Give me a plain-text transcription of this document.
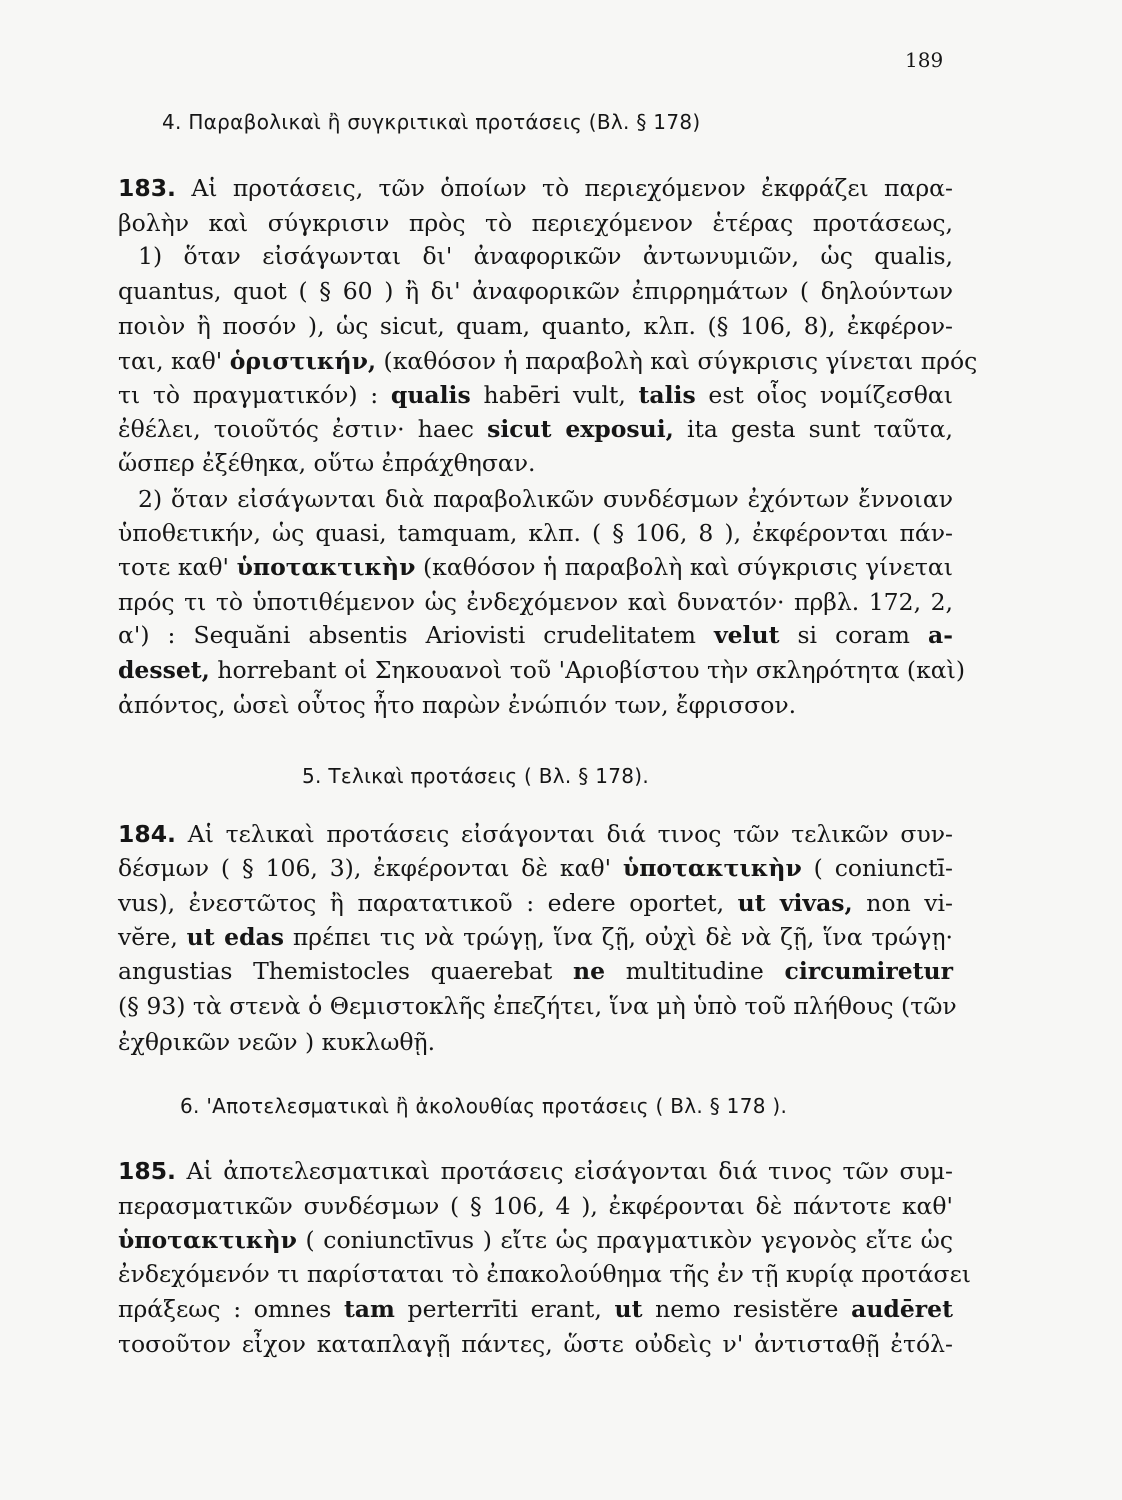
189
4. Παραβολικαὶ ἢ συγκριτικαὶ προτάσεις (Βλ. § 178)
183. Αἱ προτάσεις, τῶν ὁποίων τὸ περιεχόμενον ἐκφράζει παρα-
βολὴν καὶ σύγκρισιν πρὸς τὸ περιεχόμενον ἑτέρας προτάσεως,
1) ὅταν εἰσάγωνται δι' ἀναφορικῶν ἀντωνυμιῶν, ὡς qualis,
quantus, quot ( § 60 ) ἢ δι' ἀναφορικῶν ἐπιρρημάτων ( δηλούντων
ποιὸν ἢ ποσόν ), ὡς sicut, quam, quanto, κλπ. (§ 106, 8), ἐκφέρον-
ται, καθ' ὁριστικήν, (καθόσον ἡ παραβολὴ καὶ σύγκρισις γίνεται πρός
τι τὸ πραγματικόν) : qualis habēri vult, talis est οἷος νομίζεσθαι
ἐθέλει, τοιοῦτός ἐστιν· haec sicut exposui, ita gesta sunt ταῦτα,
ὥσπερ ἐξέθηκα, οὕτω ἐπράχθησαν.
2) ὅταν εἰσάγωνται διὰ παραβολικῶν συνδέσμων ἐχόντων ἔννοιαν
ὑποθετικήν, ὡς quasi, tamquam, κλπ. ( § 106, 8 ), ἐκφέρονται πάν-
τοτε καθ' ὑποτακτικὴν (καθόσον ἡ παραβολὴ καὶ σύγκρισις γίνεται
πρός τι τὸ ὑποτιθέμενον ὡς ἐνδεχόμενον καὶ δυνατόν· πρβλ. 172, 2,
α') : Sequăni absentis Ariovisti crudelitatem velut si coram a-
desset, horrebant οἱ Σηκουανοὶ τοῦ 'Αριοβίστου τὴν σκληρότητα (καὶ)
ἀπόντος, ὡσεὶ οὗτος ἦτο παρὼν ἐνώπιόν των, ἔφρισσον.
5. Τελικαὶ προτάσεις ( Βλ. § 178).
184. Αἱ τελικαὶ προτάσεις εἰσάγονται διά τινος τῶν τελικῶν συν-
δέσμων ( § 106, 3), ἐκφέρονται δὲ καθ' ὑποτακτικὴν ( coniunctī-
vus), ἐνεστῶτος ἢ παρατατικοῦ : edere oportet, ut vivas, non vi-
vĕre, ut edas πρέπει τις νὰ τρώγῃ, ἵνα ζῇ, οὐχὶ δὲ νὰ ζῇ, ἵνα τρώγῃ·
angustias Themistocles quaerebat ne multitudine circumiretur
(§ 93) τὰ στενὰ ὁ Θεμιστοκλῆς ἐπεζήτει, ἵνα μὴ ὑπὸ τοῦ πλήθους (τῶν
ἐχθρικῶν νεῶν ) κυκλωθῇ.
6. 'Αποτελεσματικαὶ ἢ ἀκολουθίας προτάσεις ( Βλ. § 178 ).
185. Αἱ ἀποτελεσματικαὶ προτάσεις εἰσάγονται διά τινος τῶν συμ-
περασματικῶν συνδέσμων ( § 106, 4 ), ἐκφέρονται δὲ πάντοτε καθ'
ὑποτακτικὴν ( coniunctīvus ) εἴτε ὡς πραγματικὸν γεγονὸς εἴτε ὡς
ἐνδεχόμενόν τι παρίσταται τὸ ἐπακολούθημα τῆς ἐν τῇ κυρίᾳ προτάσει
πράξεως : omnes tam perterrīti erant, ut nemo resistĕre audēret
τοσοῦτον εἶχον καταπλαγῇ πάντες, ὥστε οὐδεὶς ν' ἀντισταθῇ ἐτόλ-
